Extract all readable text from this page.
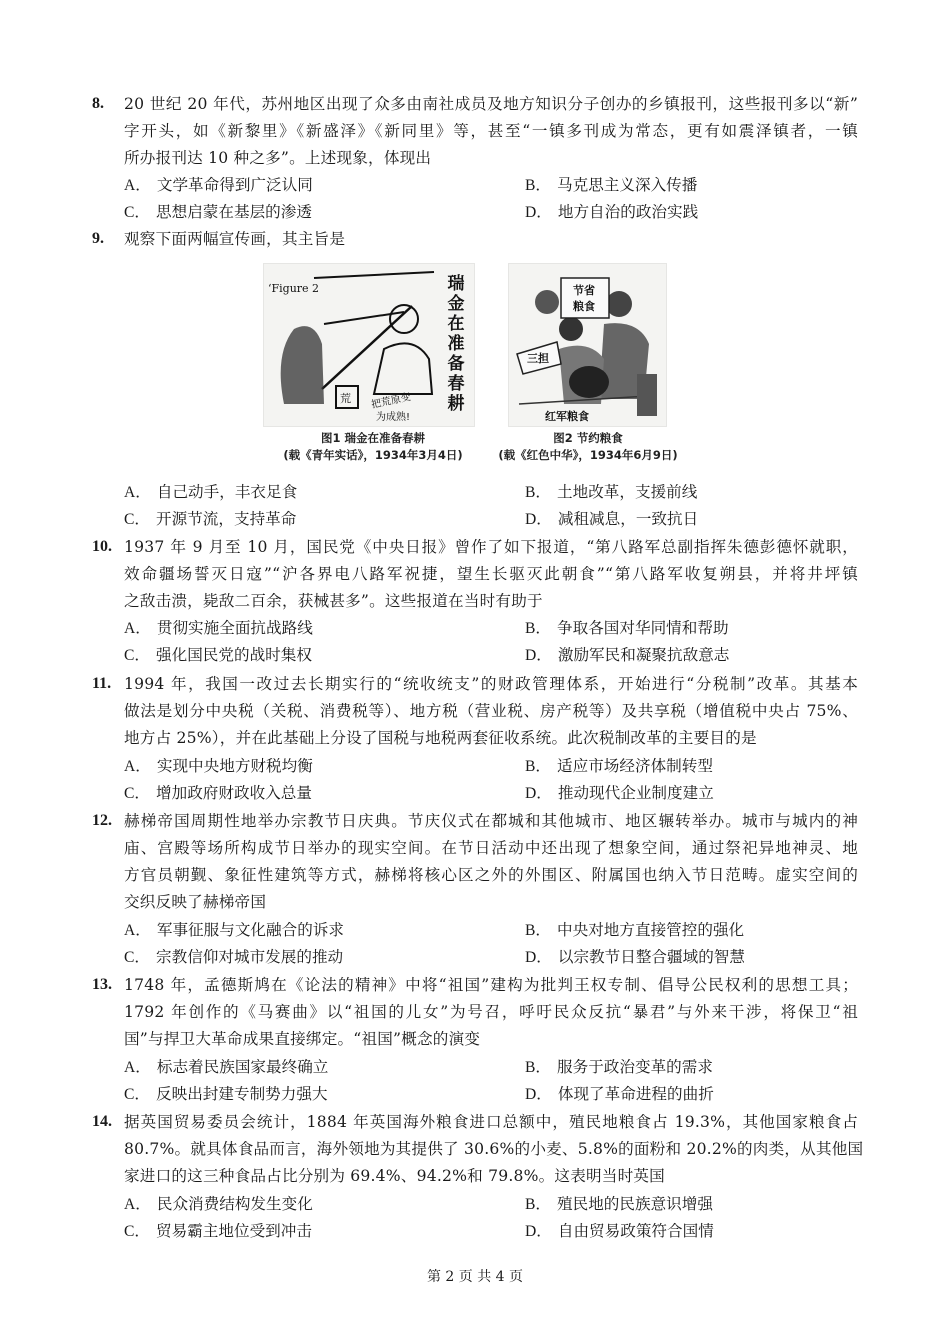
8. 20 世纪 20 年代，苏州地区出现了众多由南社成员及地方知识分子创办的乡镇报刊，这些报刊多以“新”
字开头，如《新黎里》《新盛泽》《新同里》等，甚至“一镇多刊成为常态，更有如震泽镇者，一镇
所办报刊达 10 种之多”。上述现象，体现出
A． 文学革命得到广泛认同	B． 马克思主义深入传播
C． 思想启蒙在基层的渗透	D． 地方自治的政治实践
9. 观察下面两幅宣传画，其主旨是
‘Figure 2
荒 把荒原变
为成熟!
瑞金在准备春耕
节省
粮食
三担
红军粮食
图1 瑞金在准备春耕
(载《青年实话》，1934年3月4日)
图2 节约粮食
(载《红色中华》，1934年6月9日)
A． 自己动手，丰衣足食	B． 土地改革，支援前线
C． 开源节流，支持革命	D． 减租减息，一致抗日
10. 1937 年 9 月至 10 月，国民党《中央日报》曾作了如下报道，“第八路军总副指挥朱德彭德怀就职，
效命疆场誓灭日寇”“沪各界电八路军祝捷，望生长驱灭此朝食”“第八路军收复朔县，并将井坪镇
之敌击溃，毙敌二百余，获械甚多”。这些报道在当时有助于
A． 贯彻实施全面抗战路线	B． 争取各国对华同情和帮助
C． 强化国民党的战时集权	D． 激励军民和凝聚抗敌意志
11. 1994 年，我国一改过去长期实行的“统收统支”的财政管理体系，开始进行“分税制”改革。其基本
做法是划分中央税（关税、消费税等）、地方税（营业税、房产税等）及共享税（增值税中央占 75%、
地方占 25%），并在此基础上分设了国税与地税两套征收系统。此次税制改革的主要目的是
A． 实现中央地方财税均衡	B． 适应市场经济体制转型
C． 增加政府财政收入总量	D． 推动现代企业制度建立
12. 赫梯帝国周期性地举办宗教节日庆典。节庆仪式在都城和其他城市、地区辗转举办。城市与城内的神
庙、宫殿等场所构成节日举办的现实空间。在节日活动中还出现了想象空间，通过祭祀异地神灵、地
方官员朝觐、象征性建筑等方式，赫梯将核心区之外的外围区、附属国也纳入节日范畴。虚实空间的
交织反映了赫梯帝国
A． 军事征服与文化融合的诉求	B． 中央对地方直接管控的强化
C． 宗教信仰对城市发展的推动	D． 以宗教节日整合疆域的智慧
13. 1748 年，孟德斯鸠在《论法的精神》中将“祖国”建构为批判王权专制、倡导公民权利的思想工具；
1792 年创作的《马赛曲》以“祖国的儿女”为号召，呼吁民众反抗“暴君”与外来干涉，将保卫“祖
国”与捍卫大革命成果直接绑定。“祖国”概念的演变
A． 标志着民族国家最终确立	B． 服务于政治变革的需求
C． 反映出封建专制势力强大	D． 体现了革命进程的曲折
14. 据英国贸易委员会统计，1884 年英国海外粮食进口总额中，殖民地粮食占 19.3%，其他国家粮食占
80.7%。就具体食品而言，海外领地为其提供了 30.6%的小麦、5.8%的面粉和 20.2%的肉类，从其他国
家进口的这三种食品占比分别为 69.4%、94.2%和 79.8%。这表明当时英国
A． 民众消费结构发生变化	B． 殖民地的民族意识增强
C． 贸易霸主地位受到冲击	D． 自由贸易政策符合国情
第 2 页 共 4 页
